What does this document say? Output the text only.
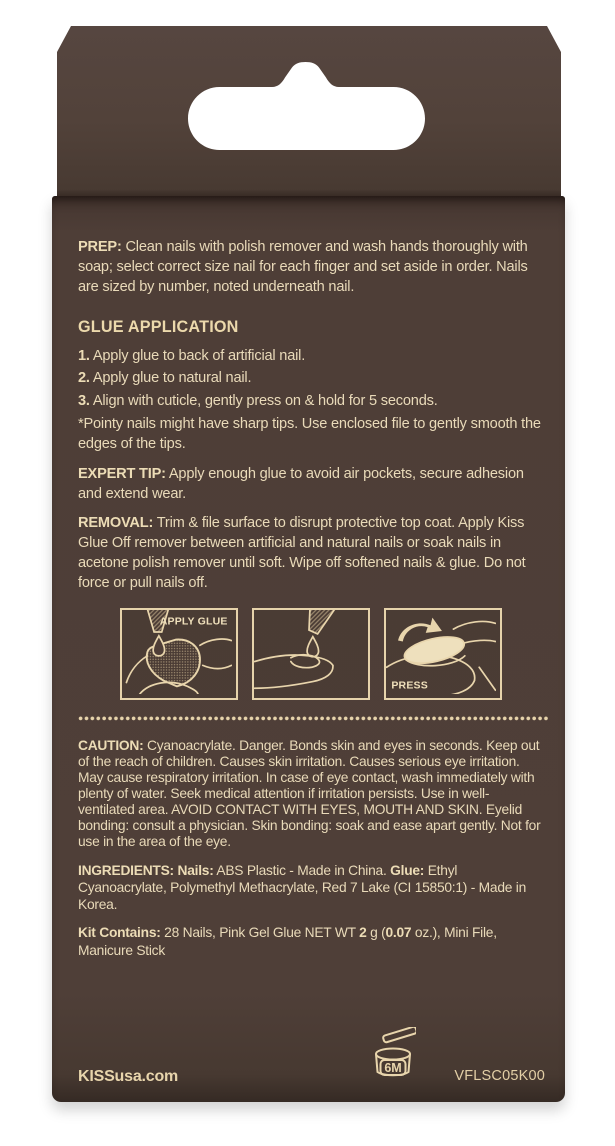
PREP: Clean nails with polish remover and wash hands thoroughly with soap; select correct size nail for each finger and set aside in order. Nails are sized by number, noted underneath nail.

GLUE APPLICATION
1. Apply glue to back of artificial nail.
2. Apply glue to natural nail.
3. Align with cuticle, gently press on & hold for 5 seconds.

*Pointy nails might have sharp tips. Use enclosed file to gently smooth the edges of the tips.

EXPERT TIP: Apply enough glue to avoid air pockets, secure adhesion and extend wear.

REMOVAL: Trim & file surface to disrupt protective top coat. Apply Kiss Glue Off remover between artificial and natural nails or soak nails in acetone polish remover until soft. Wipe off softened nails & glue. Do not force or pull nails off.

APPLY GLUE
PRESS

CAUTION: Cyanoacrylate. Danger. Bonds skin and eyes in seconds. Keep out of the reach of children. Causes skin irritation. Causes serious eye irritation. May cause respiratory irritation. In case of eye contact, wash immediately with plenty of water. Seek medical attention if irritation persists. Use in well-ventilated area. AVOID CONTACT WITH EYES, MOUTH AND SKIN. Eyelid bonding: consult a physician. Skin bonding: soak and ease apart gently. Not for use in the area of the eye.

INGREDIENTS: Nails: ABS Plastic - Made in China. Glue: Ethyl Cyanoacrylate, Polymethyl Methacrylate, Red 7 Lake (CI 15850:1) - Made in Korea.

Kit Contains: 28 Nails, Pink Gel Glue NET WT 2 g (0.07 oz.), Mini File, Manicure Stick

KISSusa.com	6M	VFLSC05K00
